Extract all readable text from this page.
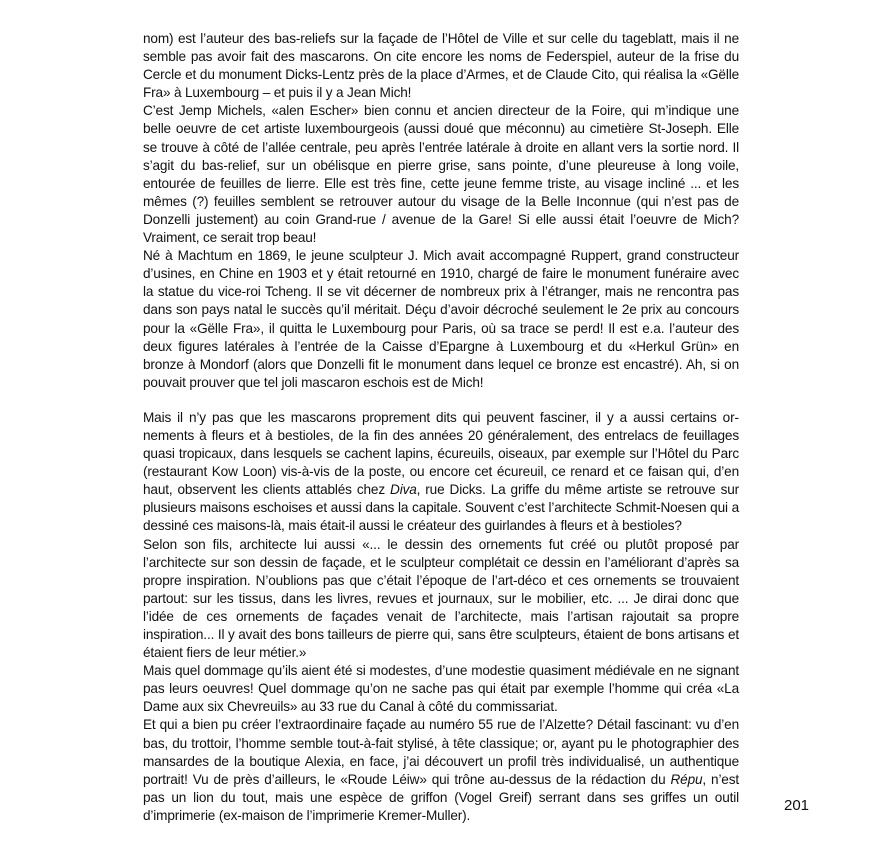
nom) est l’auteur des bas-reliefs sur la façade de l’Hôtel de Ville et sur celle du tageblatt, mais il ne semble pas avoir fait des mascarons. On cite encore les noms de Federspiel, auteur de la frise du Cercle et du monument Dicks-Lentz près de la place d’Armes, et de Claude Cito, qui réalisa la «Gëlle Fra» à Luxembourg – et puis il y a Jean Mich!

C’est Jemp Michels, «alen Escher» bien connu et ancien directeur de la Foire, qui m’indique une belle oeuvre de cet artiste luxembourgeois (aussi doué que méconnu) au cimetière St-Joseph. Elle se trouve à côté de l’allée centrale, peu après l’entrée latérale à droite en allant vers la sortie nord. Il s’agit du bas-relief, sur un obélisque en pierre grise, sans pointe, d’une pleureuse à long voile, entourée de feuilles de lierre. Elle est très fine, cette jeune femme triste, au visage incliné ... et les mêmes (?) feuilles semblent se retrouver autour du visage de la Belle Inconnue (qui n’est pas de Donzelli justement) au coin Grand-rue / avenue de la Gare! Si elle aussi était l’oeuvre de Mich? Vraiment, ce serait trop beau!

Né à Machtum en 1869, le jeune sculpteur J. Mich avait accompagné Ruppert, grand constructeur d’usines, en Chine en 1903 et y était retourné en 1910, chargé de faire le monument funéraire avec la statue du vice-roi Tcheng. Il se vit décerner de nombreux prix à l’étranger, mais ne rencontra pas dans son pays natal le succès qu’il méritait. Déçu d’avoir décroché seulement le 2e prix au concours pour la «Gëlle Fra», il quitta le Luxembourg pour Paris, où sa trace se perd! Il est e.a. l’auteur des deux figures latérales à l’entrée de la Caisse d’Epargne à Luxembourg et du «Herkul Grün» en bronze à Mondorf (alors que Donzelli fit le monument dans lequel ce bronze est encastré). Ah, si on pouvait prouver que tel joli mascaron eschois est de Mich!

Mais il n’y pas que les mascarons proprement dits qui peuvent fasciner, il y a aussi certains ornements à fleurs et à bestioles, de la fin des années 20 généralement, des entrelacs de feuillages quasi tropicaux, dans lesquels se cachent lapins, écureuils, oiseaux, par exemple sur l’Hôtel du Parc (restaurant Kow Loon) vis-à-vis de la poste, ou encore cet écureuil, ce renard et ce faisan qui, d’en haut, observent les clients attablés chez Diva, rue Dicks. La griffe du même artiste se retrouve sur plusieurs maisons eschoises et aussi dans la capitale. Souvent c’est l’architecte Schmit-Noesen qui a dessiné ces maisons-là, mais était-il aussi le créateur des guirlandes à fleurs et à bestioles?

Selon son fils, architecte lui aussi «... le dessin des ornements fut créé ou plutôt proposé par l’architecte sur son dessin de façade, et le sculpteur complétait ce dessin en l’améliorant d’après sa propre inspiration. N’oublions pas que c’était l’époque de l’art-déco et ces ornements se trouvaient partout: sur les tissus, dans les livres, revues et journaux, sur le mobilier, etc. ... Je dirai donc que l’idée de ces ornements de façades venait de l’architecte, mais l’artisan rajoutait sa propre inspiration... Il y avait des bons tailleurs de pierre qui, sans être sculpteurs, étaient de bons artisans et étaient fiers de leur métier.»

Mais quel dommage qu’ils aient été si modestes, d’une modestie quasiment médiévale en ne signant pas leurs oeuvres! Quel dommage qu’on ne sache pas qui était par exemple l’homme qui créa «La Dame aux six Chevreuils» au 33 rue du Canal à côté du commissariat.

Et qui a bien pu créer l’extraordinaire façade au numéro 55 rue de l’Alzette? Détail fascinant: vu d’en bas, du trottoir, l’homme semble tout-à-fait stylisé, à tête classique; or, ayant pu le photographier des mansardes de la boutique Alexia, en face, j’ai découvert un profil très individualisé, un authentique portrait! Vu de près d’ailleurs, le «Roude Léiw» qui trône au-dessus de la rédaction du Répu, n’est pas un lion du tout, mais une espèce de griffon (Vogel Greif) serrant dans ses griffes un outil d’imprimerie (ex-maison de l’imprimerie Kremer-Muller).

201
